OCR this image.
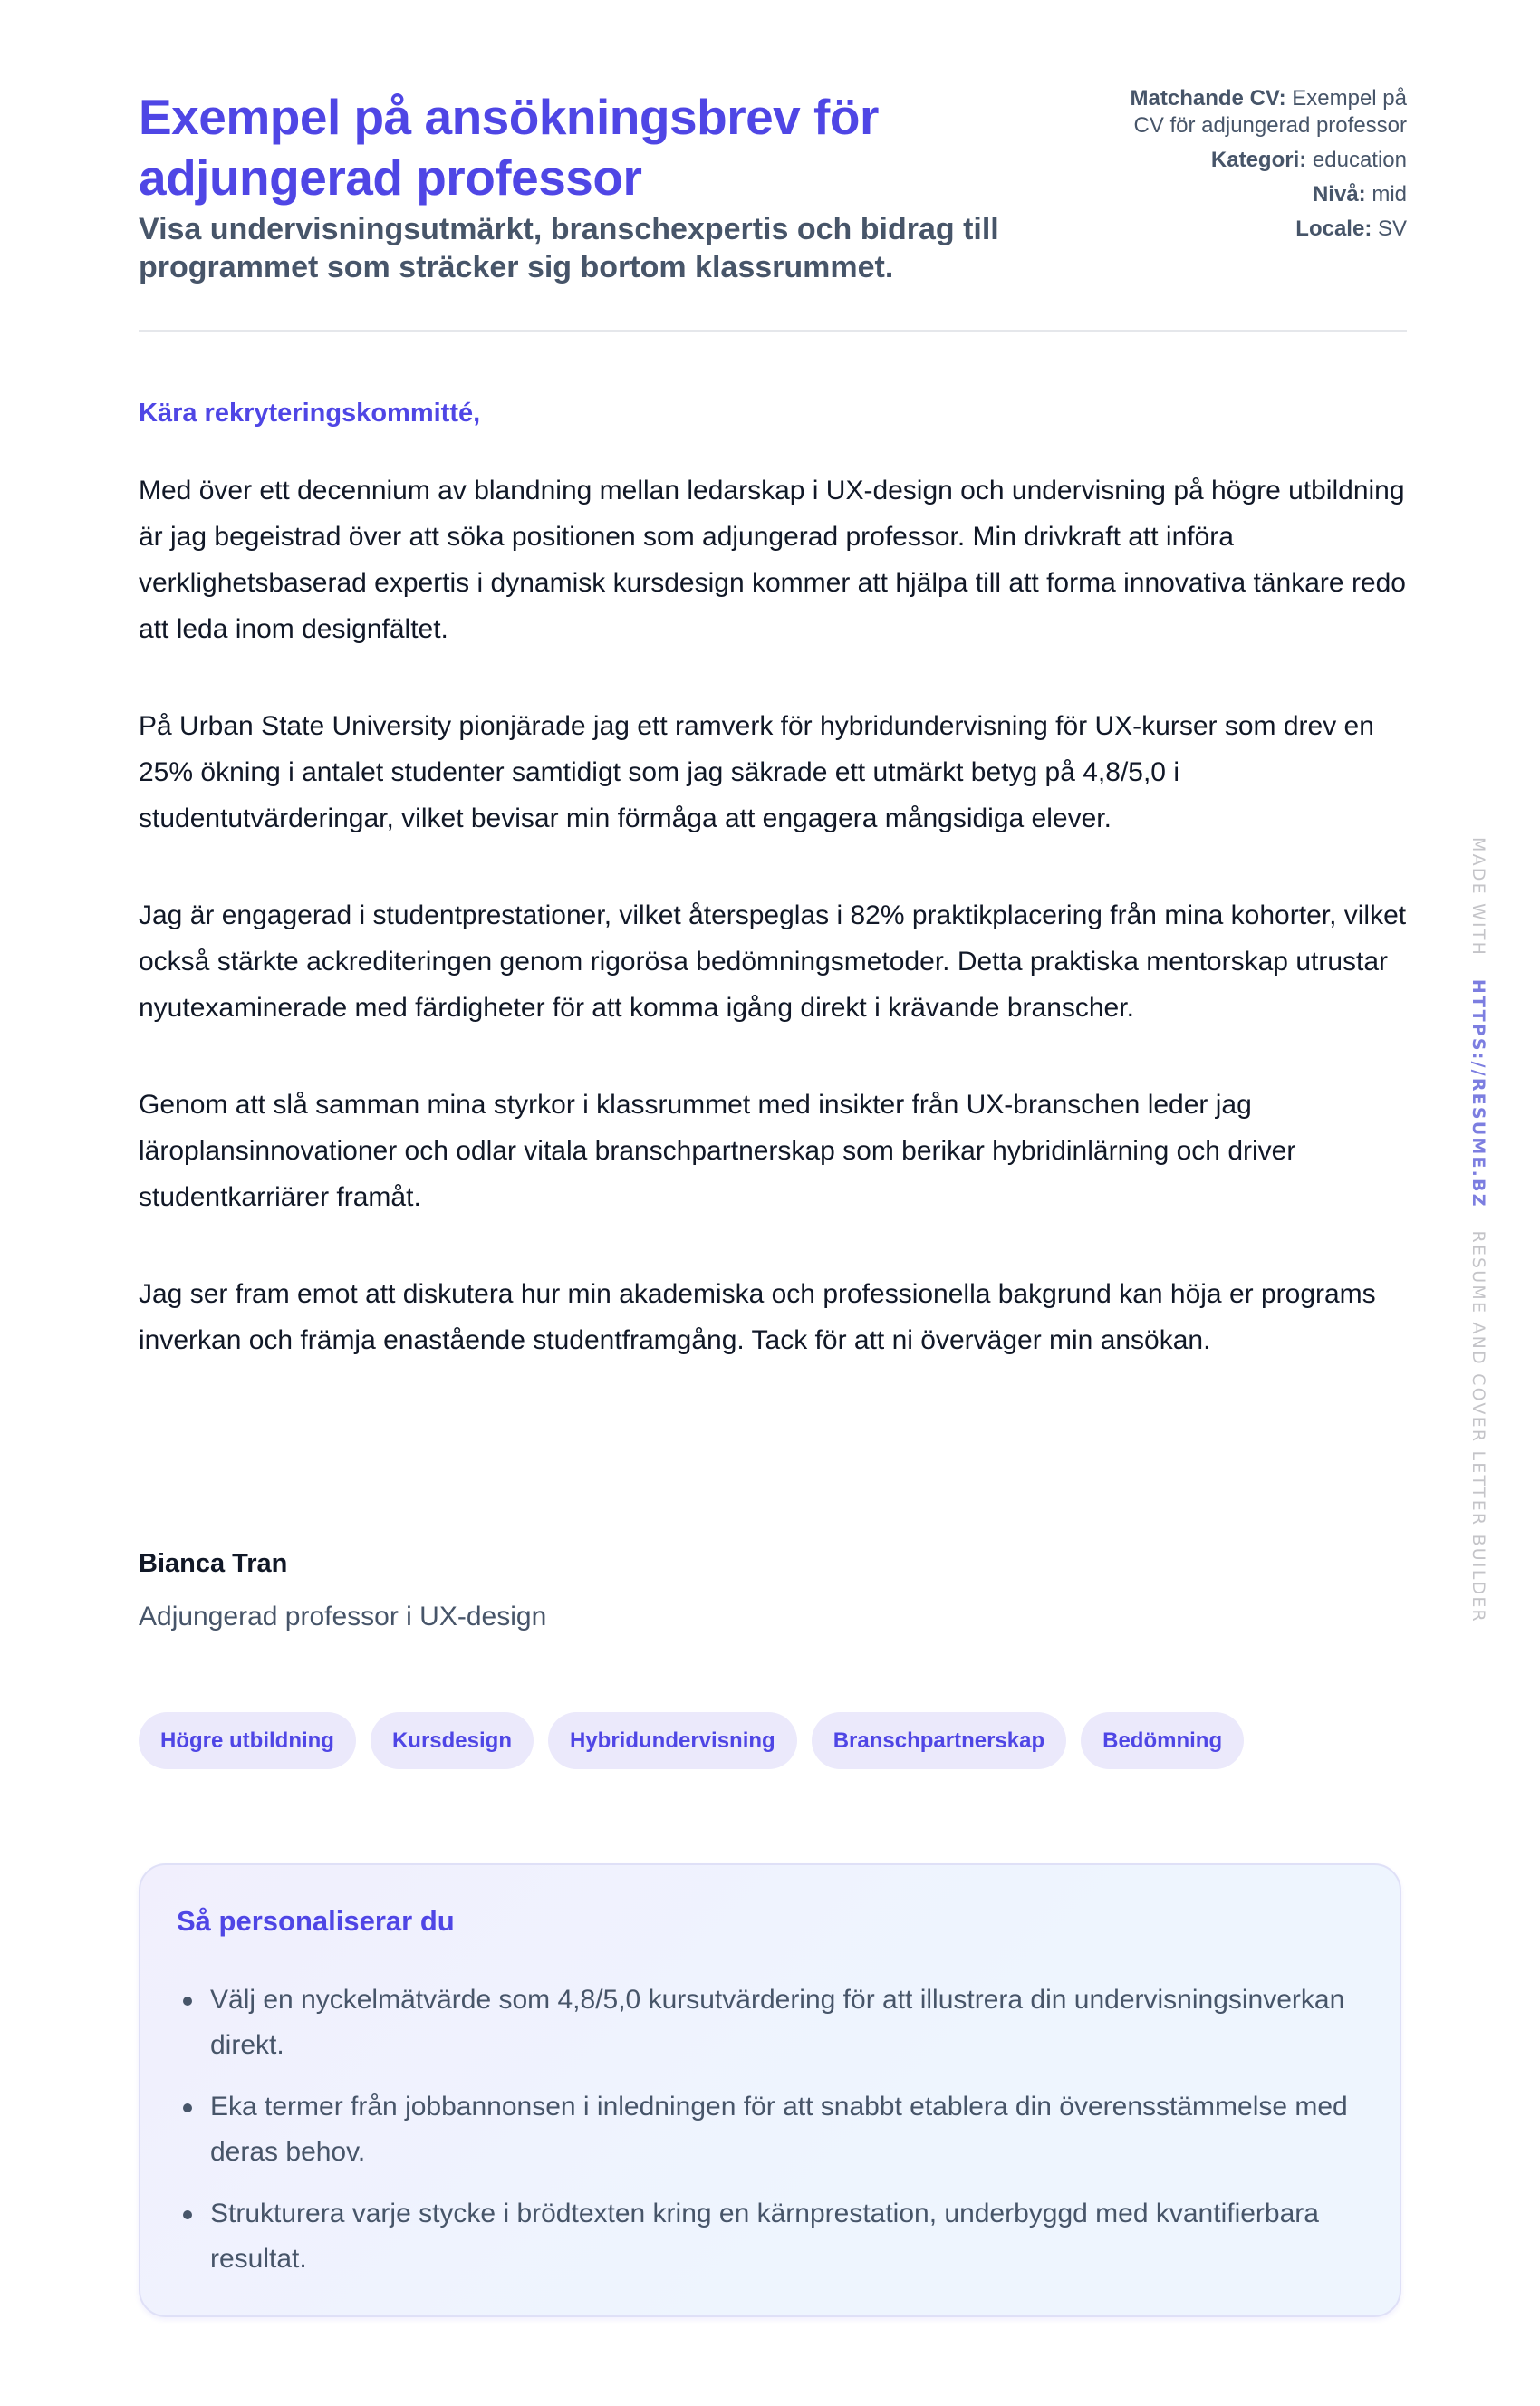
Exempel på ansökningsbrev för adjungerad professor
Visa undervisningsutmärkt, branschexpertis och bidrag till programmet som sträcker sig bortom klassrummet.
Matchande CV: Exempel på CV för adjungerad professor
Kategori: education
Nivå: mid
Locale: SV

Kära rekryteringskommitté,

Med över ett decennium av blandning mellan ledarskap i UX-design och undervisning på högre utbildning är jag begeistrad över att söka positionen som adjungerad professor. Min drivkraft att införa verklighetsbaserad expertis i dynamisk kursdesign kommer att hjälpa till att forma innovativa tänkare redo att leda inom designfältet.

På Urban State University pionjärade jag ett ramverk för hybridundervisning för UX-kurser som drev en 25% ökning i antalet studenter samtidigt som jag säkrade ett utmärkt betyg på 4,8/5,0 i studentutvärderingar, vilket bevisar min förmåga att engagera mångsidiga elever.

Jag är engagerad i studentprestationer, vilket återspeglas i 82% praktikplacering från mina kohorter, vilket också stärkte ackrediteringen genom rigorösa bedömningsmetoder. Detta praktiska mentorskap utrustar nyutexaminerade med färdigheter för att komma igång direkt i krävande branscher.

Genom att slå samman mina styrkor i klassrummet med insikter från UX-branschen leder jag läroplansinnovationer och odlar vitala branschpartnerskap som berikar hybridinlärning och driver studentkarriärer framåt.

Jag ser fram emot att diskutera hur min akademiska och professionella bakgrund kan höja er programs inverkan och främja enastående studentframgång. Tack för att ni överväger min ansökan.

Bianca Tran

Adjungerad professor i UX-design

Högre utbildning	Kursdesign	Hybridundervisning	Branschpartnerskap	Bedömning
Så personaliserar du
Välj en nyckelmätvärde som 4,8/5,0 kursutvärdering för att illustrera din undervisningsinverkan direkt.
Eka termer från jobbannonsen i inledningen för att snabbt etablera din överensstämmelse med deras behov.
Strukturera varje stycke i brödtexten kring en kärnprestation, underbyggd med kvantifierbara resultat.
MADE WITH   HTTPS://RESUME.BZ   RESUME AND COVER LETTER BUILDER
